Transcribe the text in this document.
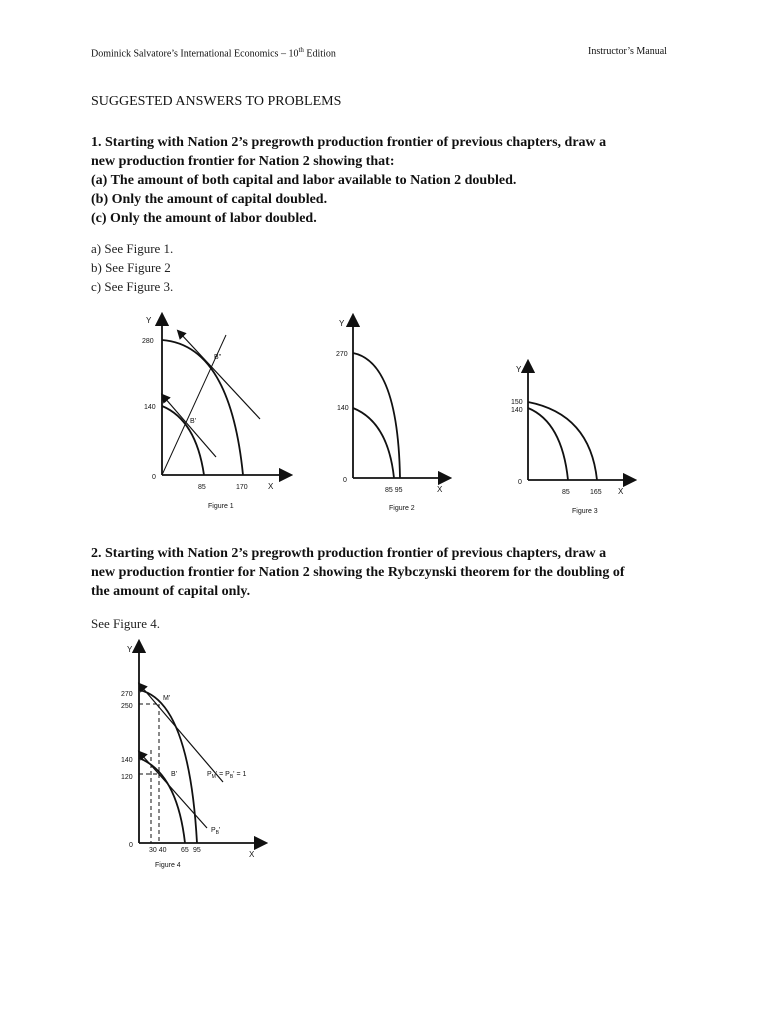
Dominick Salvatore’s International Economics – 10th Edition	Instructor’s Manual
SUGGESTED ANSWERS TO PROBLEMS
1. Starting with Nation 2’s pregrowth production frontier of previous chapters, draw a
new production frontier for Nation 2 showing that:
(a) The amount of both capital and labor available to Nation 2 doubled.
(b) Only the amount of capital doubled.
(c) Only the amount of labor doubled.
a) See Figure 1.
b) See Figure 2
c) See Figure 3.
Y
X
0
280
140
85	170
B"
B'
Figure 1
Y
X
0
270
140
85 95
Figure 2
Y
X
0
150
140
85	165
Figure 3
2. Starting with Nation 2’s pregrowth production frontier of previous chapters, draw a
new production frontier for Nation 2 showing the Rybczynski theorem for the doubling of
the amount of capital only.
See Figure 4.
Y
X
0
270
250
140
120
30 40 65 95
M'
B'	$P_M' = P_B' = 1$
$P_B'$
Figure 4
